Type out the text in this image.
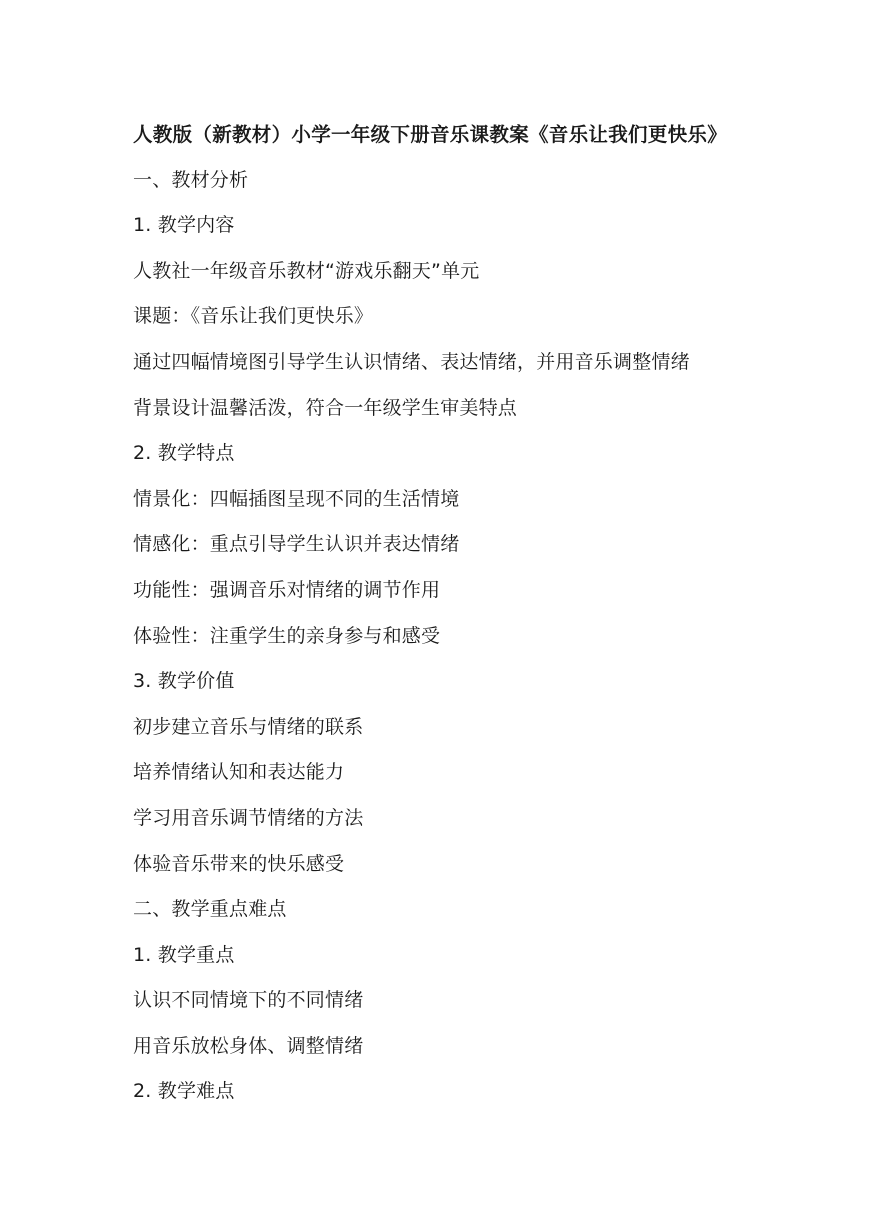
人教版（新教材）小学一年级下册音乐课教案《音乐让我们更快乐》
一、教材分析
1. 教学内容
人教社一年级音乐教材“游戏乐翻天”单元
课题：《音乐让我们更快乐》
通过四幅情境图引导学生认识情绪、表达情绪，并用音乐调整情绪
背景设计温馨活泼，符合一年级学生审美特点
2. 教学特点
情景化：四幅插图呈现不同的生活情境
情感化：重点引导学生认识并表达情绪
功能性：强调音乐对情绪的调节作用
体验性：注重学生的亲身参与和感受
3. 教学价值
初步建立音乐与情绪的联系
培养情绪认知和表达能力
学习用音乐调节情绪的方法
体验音乐带来的快乐感受
二、教学重点难点
1. 教学重点
认识不同情境下的不同情绪
用音乐放松身体、调整情绪
2. 教学难点
